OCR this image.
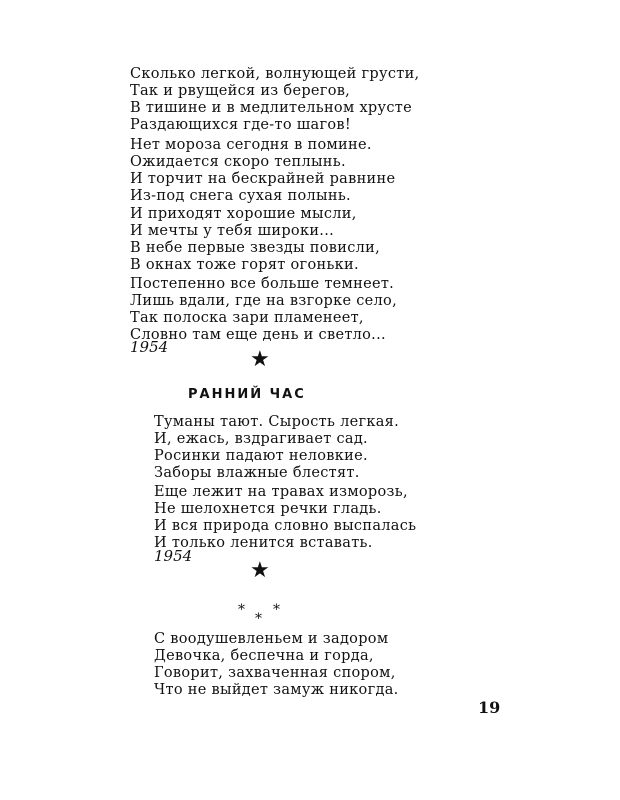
Сколько легкой, волнующей грусти,
Так и рвущейся из берегов,
В тишине и в медлительном хрусте
Раздающихся где-то шагов!
Нет мороза сегодня в помине.
Ожидается скоро теплынь.
И торчит на бескрайней равнине
Из-под снега сухая полынь.
И приходят хорошие мысли,
И мечты у тебя широки...
В небе первые звезды повисли,
В окнах тоже горят огоньки.
Постепенно все больше темнеет.
Лишь вдали, где на взгорке село,
Так полоска зари пламенеет,
Словно там еще день и светло...
1954	★
РАННИЙ ЧАС
Туманы тают. Сырость легкая.
И, ежась, вздрагивает сад.
Росинки падают неловкие.
Заборы влажные блестят.
Еще лежит на травах изморозь,
Не шелохнется речки гладь.
И вся природа словно выспалась
И только ленится вставать.
1954
★
*
*
*
С воодушевленьем и задором
Девочка, беспечна и горда,
Говорит, захваченная спором,
Что не выйдет замуж никогда.
19
